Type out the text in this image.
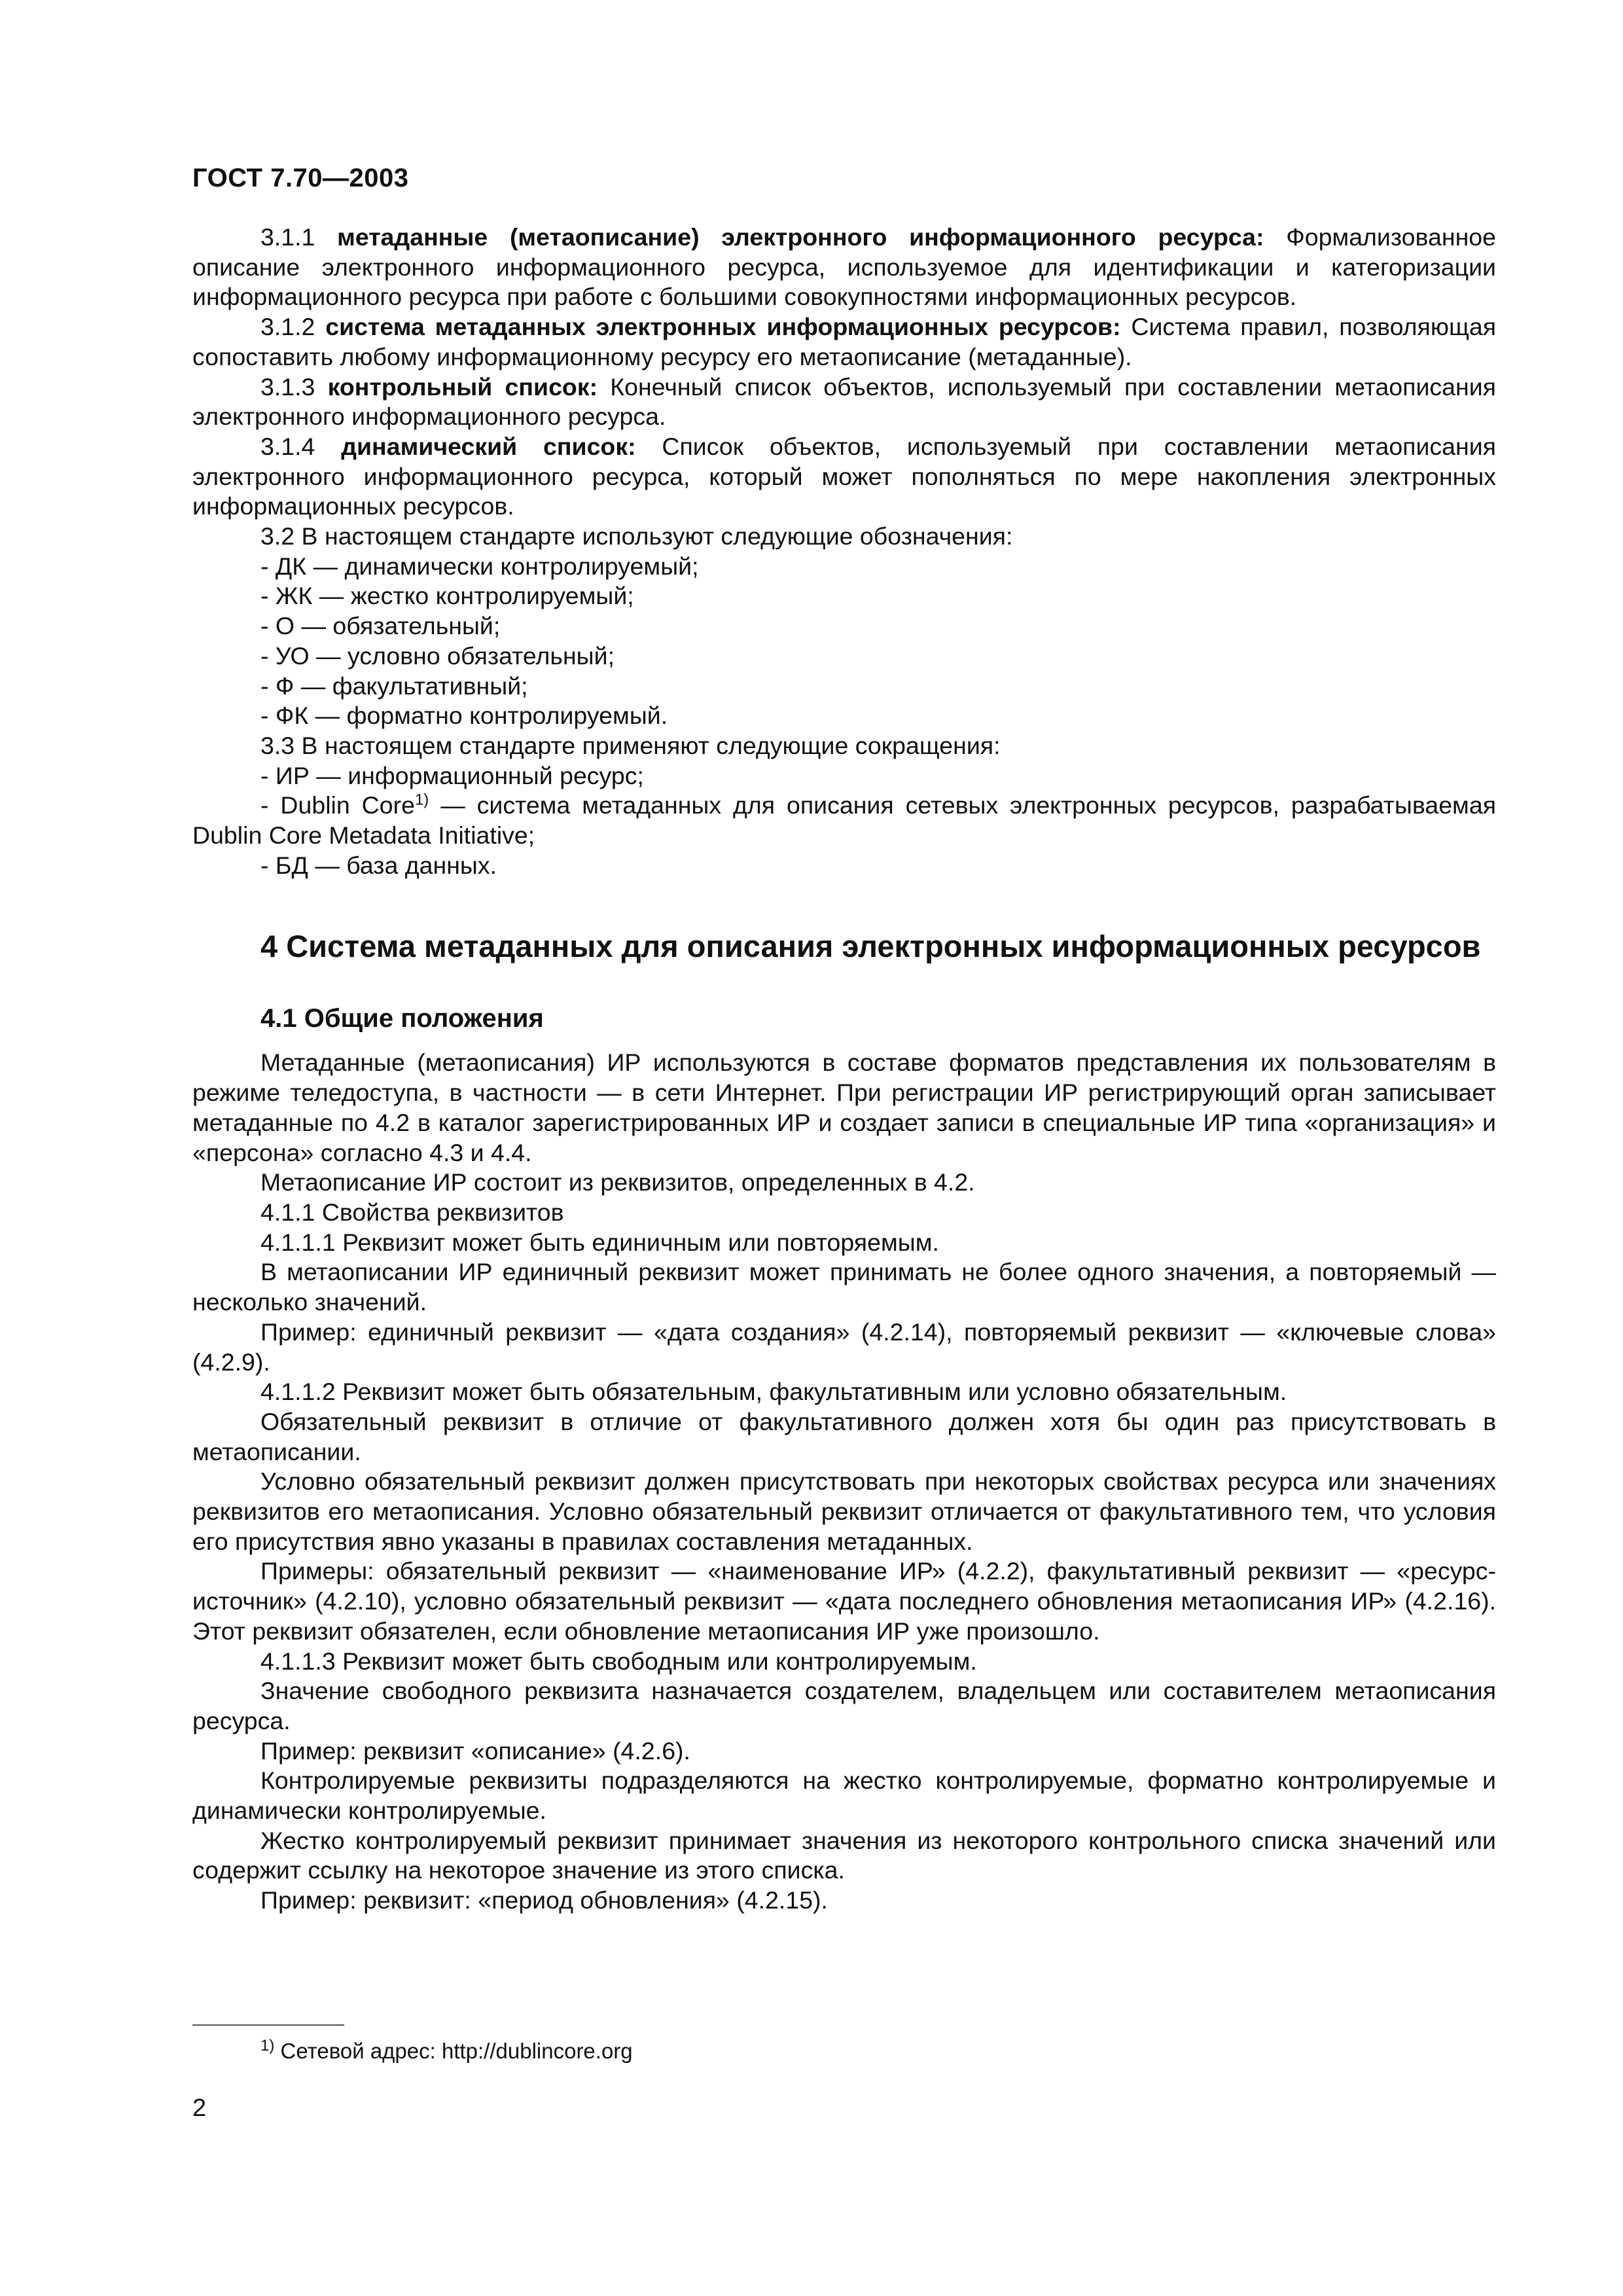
ГОСТ 7.70—2003

3.1.1 метаданные (метаописание) электронного информационного ресурса: Формализованное описание электронного информационного ресурса, используемое для идентификации и категоризации информационного ресурса при работе с большими совокупностями информационных ресурсов.

3.1.2 система метаданных электронных информационных ресурсов: Система правил, позволяющая сопоставить любому информационному ресурсу его метаописание (метаданные).

3.1.3 контрольный список: Конечный список объектов, используемый при составлении метаописания электронного информационного ресурса.

3.1.4 динамический список: Список объектов, используемый при составлении метаописания электронного информационного ресурса, который может пополняться по мере накопления электронных информационных ресурсов.

3.2 В настоящем стандарте используют следующие обозначения:

- ДК — динамически контролируемый;

- ЖК — жестко контролируемый;

- О — обязательный;

- УО — условно обязательный;

- Ф — факультативный;

- ФК — форматно контролируемый.

3.3 В настоящем стандарте применяют следующие сокращения:

- ИР — информационный ресурс;

- Dublin Core$^{1)}$ — система метаданных для описания сетевых электронных ресурсов, разрабатываемая Dublin Core Metadata Initiative;

- БД — база данных.

4 Система метаданных для описания электронных информационных ресурсов

4.1 Общие положения

Метаданные (метаописания) ИР используются в составе форматов представления их пользователям в режиме теледоступа, в частности — в сети Интернет. При регистрации ИР регистрирующий орган записывает метаданные по 4.2 в каталог зарегистрированных ИР и создает записи в специальные ИР типа «организация» и «персона» согласно 4.3 и 4.4.

Метаописание ИР состоит из реквизитов, определенных в 4.2.

4.1.1 Свойства реквизитов

4.1.1.1 Реквизит может быть единичным или повторяемым.

В метаописании ИР единичный реквизит может принимать не более одного значения, а повторяемый — несколько значений.

Пример: единичный реквизит — «дата создания» (4.2.14), повторяемый реквизит — «ключевые слова» (4.2.9).

4.1.1.2 Реквизит может быть обязательным, факультативным или условно обязательным.

Обязательный реквизит в отличие от факультативного должен хотя бы один раз присутствовать в метаописании.

Условно обязательный реквизит должен присутствовать при некоторых свойствах ресурса или значениях реквизитов его метаописания. Условно обязательный реквизит отличается от факультативного тем, что условия его присутствия явно указаны в правилах составления метаданных.

Примеры: обязательный реквизит — «наименование ИР» (4.2.2), факультативный реквизит — «ресурс-источник» (4.2.10), условно обязательный реквизит — «дата последнего обновления метаописания ИР» (4.2.16). Этот реквизит обязателен, если обновление метаописания ИР уже произошло.

4.1.1.3 Реквизит может быть свободным или контролируемым.

Значение свободного реквизита назначается создателем, владельцем или составителем метаописания ресурса.

Пример: реквизит «описание» (4.2.6).

Контролируемые реквизиты подразделяются на жестко контролируемые, форматно контролируемые и динамически контролируемые.

Жестко контролируемый реквизит принимает значения из некоторого контрольного списка значений или содержит ссылку на некоторое значение из этого списка.

Пример: реквизит: «период обновления» (4.2.15).

$^{1)}$ Сетевой адрес: http://dublincore.org
2
